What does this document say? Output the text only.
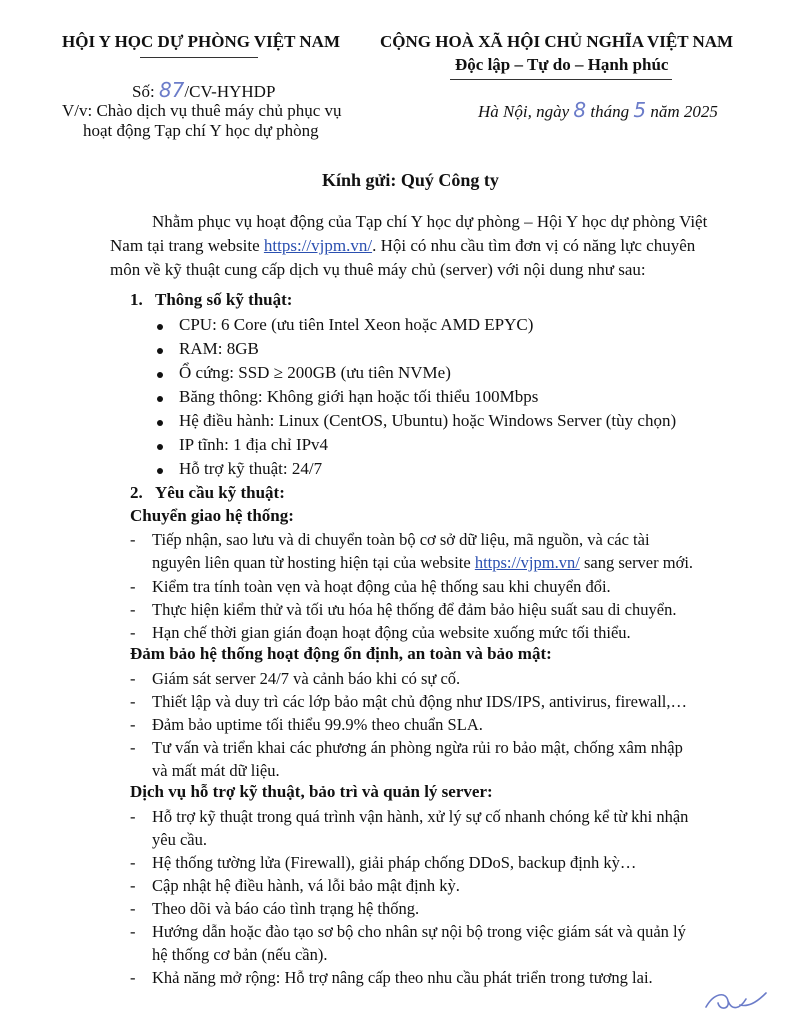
HỘI Y HỌC DỰ PHÒNG VIỆT NAM CỘNG HOÀ XÃ HỘI CHỦ NGHĨA VIỆT NAM
Độc lập – Tự do – Hạnh phúc
Số: 87/CV-HYHDP
V/v: Chào dịch vụ thuê máy chủ phục vụ
hoạt động Tạp chí Y học dự phòng
Hà Nội, ngày 8 tháng 5 năm 2025
Kính gửi: Quý Công ty
Nhằm phục vụ hoạt động của Tạp chí Y học dự phòng – Hội Y học dự phòng Việt
Nam tại trang website https://vjpm.vn/. Hội có nhu cầu tìm đơn vị có năng lực chuyên
môn về kỹ thuật cung cấp dịch vụ thuê máy chủ (server) với nội dung như sau:
1. Thông số kỹ thuật:
CPU: 6 Core (ưu tiên Intel Xeon hoặc AMD EPYC)
RAM: 8GB
Ổ cứng: SSD ≥ 200GB (ưu tiên NVMe)
Băng thông: Không giới hạn hoặc tối thiểu 100Mbps
Hệ điều hành: Linux (CentOS, Ubuntu) hoặc Windows Server (tùy chọn)
IP tĩnh: 1 địa chỉ IPv4
Hỗ trợ kỹ thuật: 24/7
2. Yêu cầu kỹ thuật:
Chuyển giao hệ thống:
- Tiếp nhận, sao lưu và di chuyển toàn bộ cơ sở dữ liệu, mã nguồn, và các tài
nguyên liên quan từ hosting hiện tại của website https://vjpm.vn/ sang server mới.
- Kiểm tra tính toàn vẹn và hoạt động của hệ thống sau khi chuyển đổi.
- Thực hiện kiểm thử và tối ưu hóa hệ thống để đảm bảo hiệu suất sau di chuyển.
- Hạn chế thời gian gián đoạn hoạt động của website xuống mức tối thiểu.
Đảm bảo hệ thống hoạt động ổn định, an toàn và bảo mật:
- Giám sát server 24/7 và cảnh báo khi có sự cố.
- Thiết lập và duy trì các lớp bảo mật chủ động như IDS/IPS, antivirus, firewall,…
- Đảm bảo uptime tối thiểu 99.9% theo chuẩn SLA.
- Tư vấn và triển khai các phương án phòng ngừa rủi ro bảo mật, chống xâm nhập
và mất mát dữ liệu.
Dịch vụ hỗ trợ kỹ thuật, bảo trì và quản lý server:
- Hỗ trợ kỹ thuật trong quá trình vận hành, xử lý sự cố nhanh chóng kể từ khi nhận
yêu cầu.
- Hệ thống tường lửa (Firewall), giải pháp chống DDoS, backup định kỳ…
- Cập nhật hệ điều hành, vá lỗi bảo mật định kỳ.
- Theo dõi và báo cáo tình trạng hệ thống.
- Hướng dẫn hoặc đào tạo sơ bộ cho nhân sự nội bộ trong việc giám sát và quản lý
hệ thống cơ bản (nếu cần).
- Khả năng mở rộng: Hỗ trợ nâng cấp theo nhu cầu phát triển trong tương lai.
